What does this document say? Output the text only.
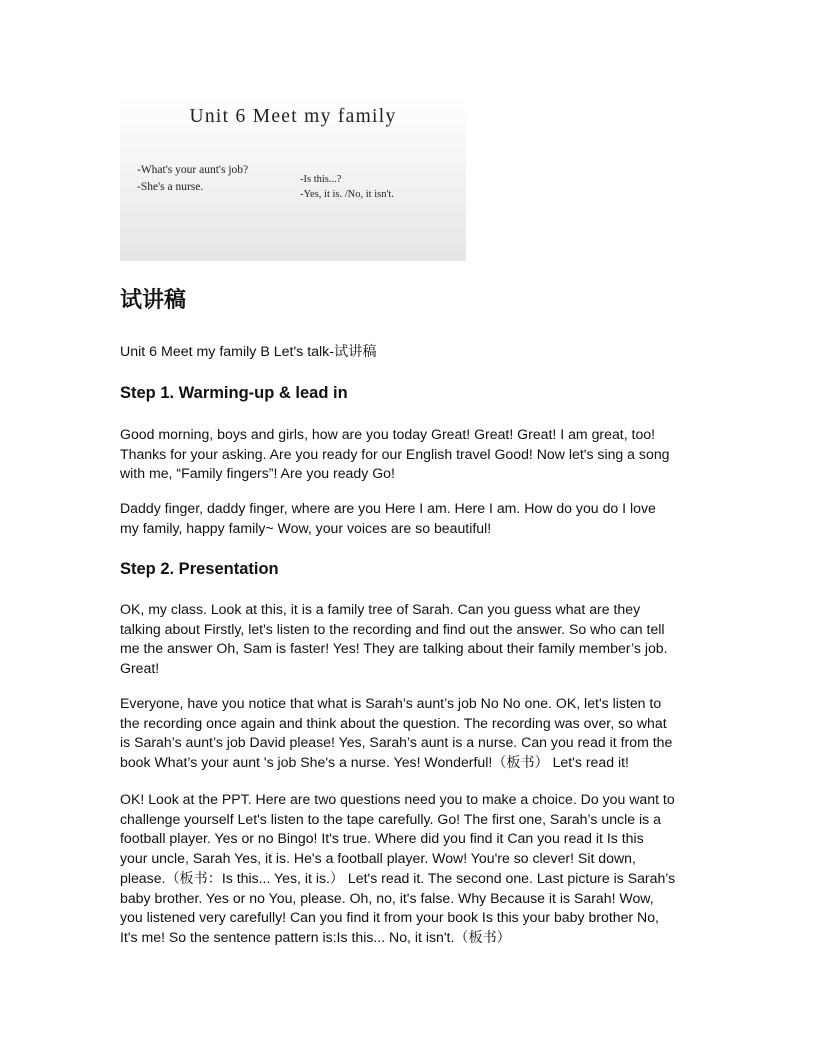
Unit 6 Meet my family
-What's your aunt's job?
-She's a nurse.
-Is this...?
-Yes, it is. /No, it isn't.
试讲稿

Unit 6 Meet my family B Let's talk-试讲稿

Step 1. Warming-up & lead in

Good morning, boys and girls, how are you today Great! Great! Great! I am great, too!
Thanks for your asking. Are you ready for our English travel Good! Now let's sing a song
with me, “Family fingers”! Are you ready Go!

Daddy finger, daddy finger, where are you Here I am. Here I am. How do you do I love
my family, happy family~ Wow, your voices are so beautiful!

Step 2. Presentation

OK, my class. Look at this, it is a family tree of Sarah. Can you guess what are they
talking about Firstly, let's listen to the recording and find out the answer. So who can tell
me the answer Oh, Sam is faster! Yes! They are talking about their family member’s job.
Great!

Everyone, have you notice that what is Sarah’s aunt’s job No No one. OK, let's listen to
the recording once again and think about the question. The recording was over, so what
is Sarah’s aunt’s job David please! Yes, Sarah’s aunt is a nurse. Can you read it from the
book What’s your aunt 's job She's a nurse. Yes! Wonderful!（板书） Let's read it!

OK! Look at the PPT. Here are two questions need you to make a choice. Do you want to
challenge yourself Let's listen to the tape carefully. Go! The first one, Sarah’s uncle is a
football player. Yes or no Bingo! It's true. Where did you find it Can you read it Is this
your uncle, Sarah Yes, it is. He's a football player. Wow! You're so clever! Sit down,
please.（板书：Is this... Yes, it is.） Let's read it. The second one. Last picture is Sarah’s
baby brother. Yes or no You, please. Oh, no, it's false. Why Because it is Sarah! Wow,
you listened very carefully! Can you find it from your book Is this your baby brother No,
It's me! So the sentence pattern is:Is this... No, it isn't.（板书）
